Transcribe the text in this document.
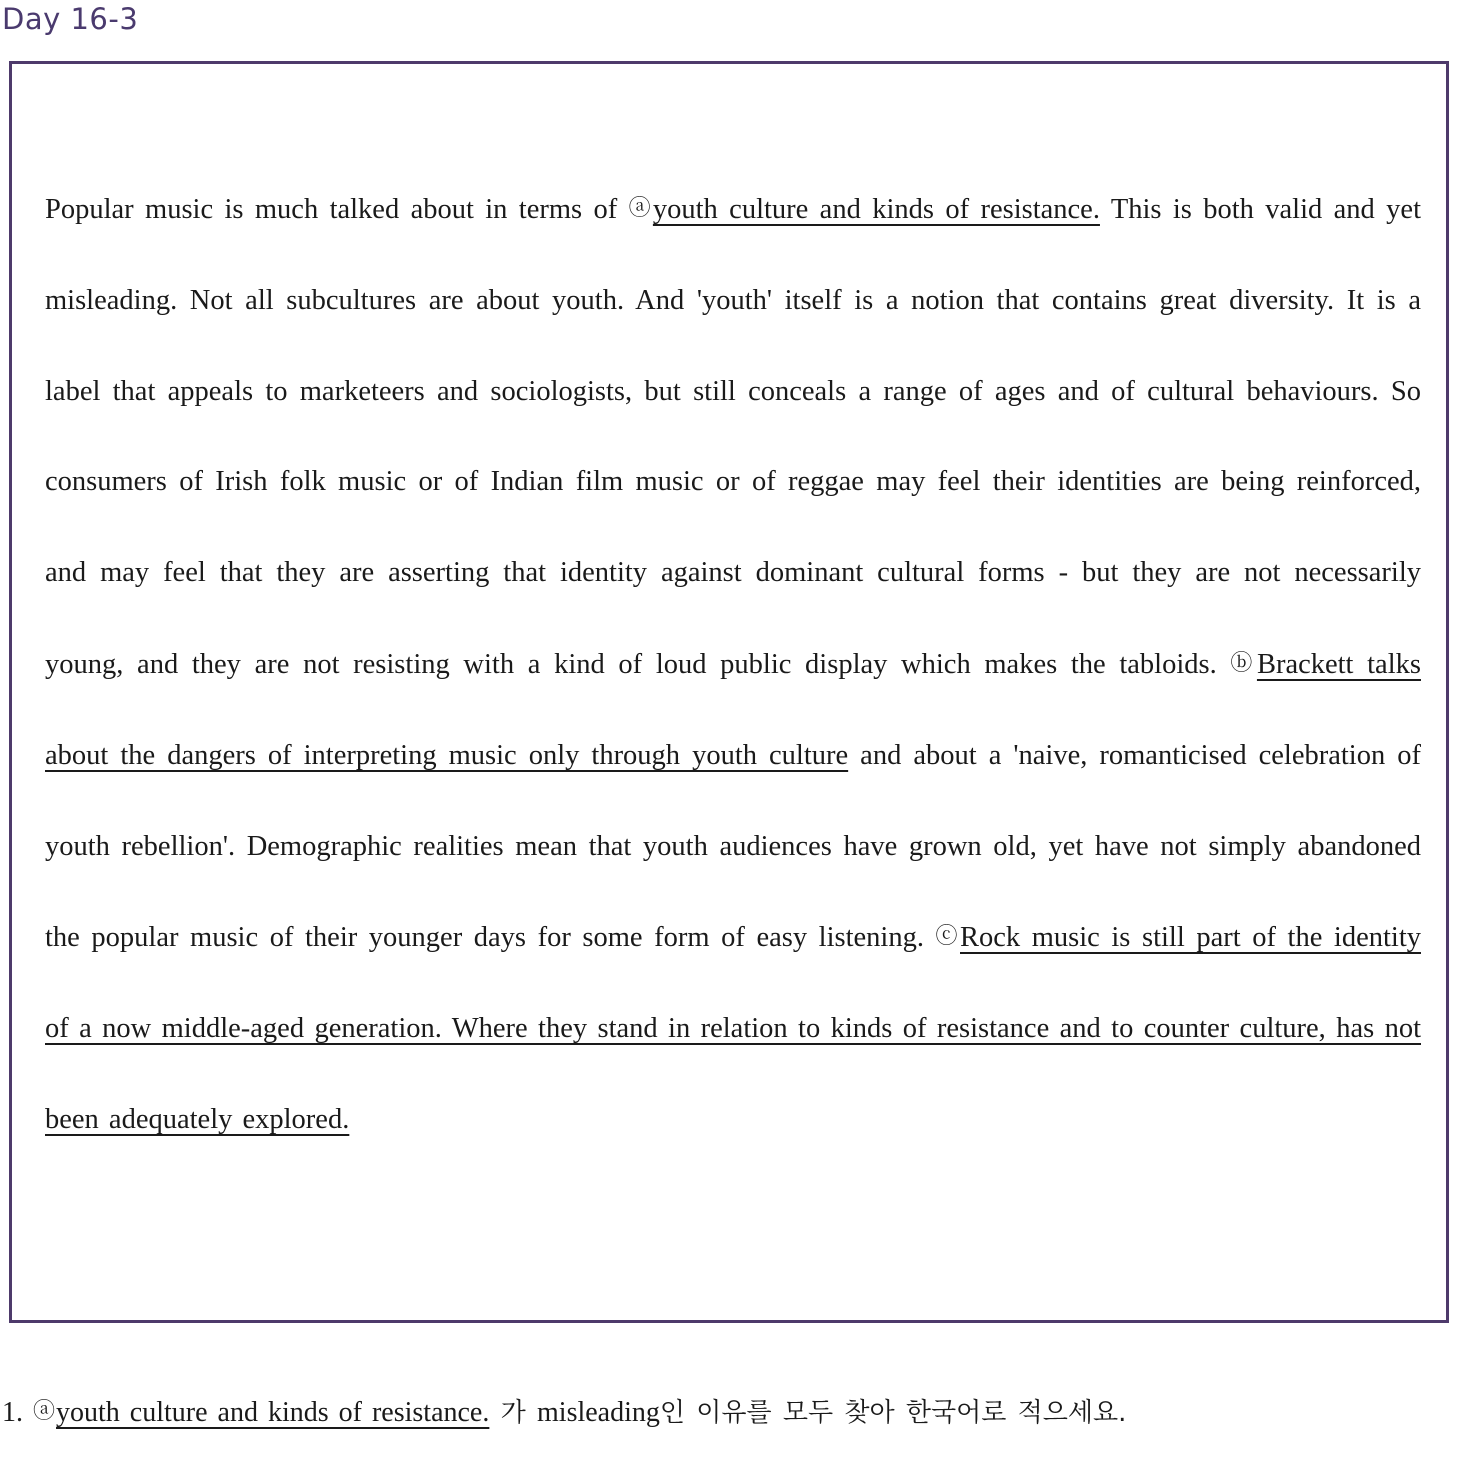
Day 16-3

Popular music is much talked about in terms of ⓐyouth culture and kinds of resistance. This is both valid and yet misleading. Not all subcultures are about youth. And 'youth' itself is a notion that contains great diversity. It is a label that appeals to marketeers and sociologists, but still conceals a range of ages and of cultural behaviours. So consumers of Irish folk music or of Indian film music or of reggae may feel their identities are being reinforced, and may feel that they are asserting that identity against dominant cultural forms - but they are not necessarily young, and they are not resisting with a kind of loud public display which makes the tabloids. ⓑBrackett talks about the dangers of interpreting music only through youth culture and about a 'naive, romanticised celebration of youth rebellion'. Demographic realities mean that youth audiences have grown old, yet have not simply abandoned the popular music of their younger days for some form of easy listening. ⓒRock music is still part of the identity of a now middle-aged generation. Where they stand in relation to kinds of resistance and to counter culture, has not been adequately explored.

1. ⓐyouth culture and kinds of resistance. 가 misleading인 이유를 모두 찾아 한국어로 적으세요.
